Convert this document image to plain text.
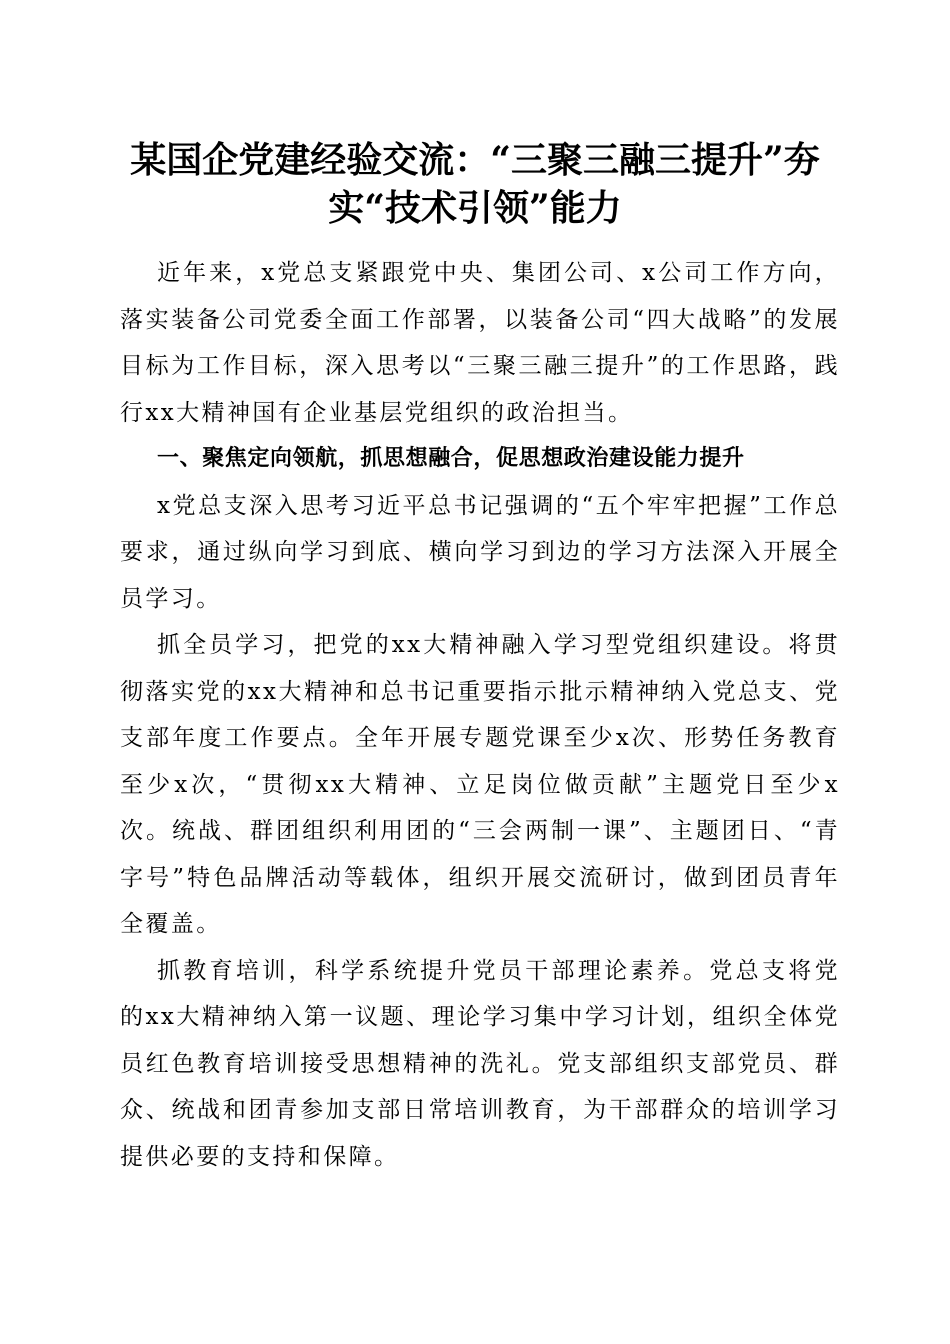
某国企党建经验交流：“三聚三融三提升”夯
实“技术引领”能力

近年来，x党总支紧跟党中央、集团公司、x公司工作方向，落实装备公司党委全面工作部署，以装备公司“四大战略”的发展目标为工作目标，深入思考以“三聚三融三提升”的工作思路，践行xx大精神国有企业基层党组织的政治担当。

一、聚焦定向领航，抓思想融合，促思想政治建设能力提升

x党总支深入思考习近平总书记强调的“五个牢牢把握”工作总要求，通过纵向学习到底、横向学习到边的学习方法深入开展全员学习。

抓全员学习，把党的xx大精神融入学习型党组织建设。将贯彻落实党的xx大精神和总书记重要指示批示精神纳入党总支、党支部年度工作要点。全年开展专题党课至少x次、形势任务教育至少x次，“贯彻xx大精神、立足岗位做贡献”主题党日至少x次。统战、群团组织利用团的“三会两制一课”、主题团日、“青字号”特色品牌活动等载体，组织开展交流研讨，做到团员青年全覆盖。

抓教育培训，科学系统提升党员干部理论素养。党总支将党的xx大精神纳入第一议题、理论学习集中学习计划，组织全体党员红色教育培训接受思想精神的洗礼。党支部组织支部党员、群众、统战和团青参加支部日常培训教育，为干部群众的培训学习提供必要的支持和保障。
